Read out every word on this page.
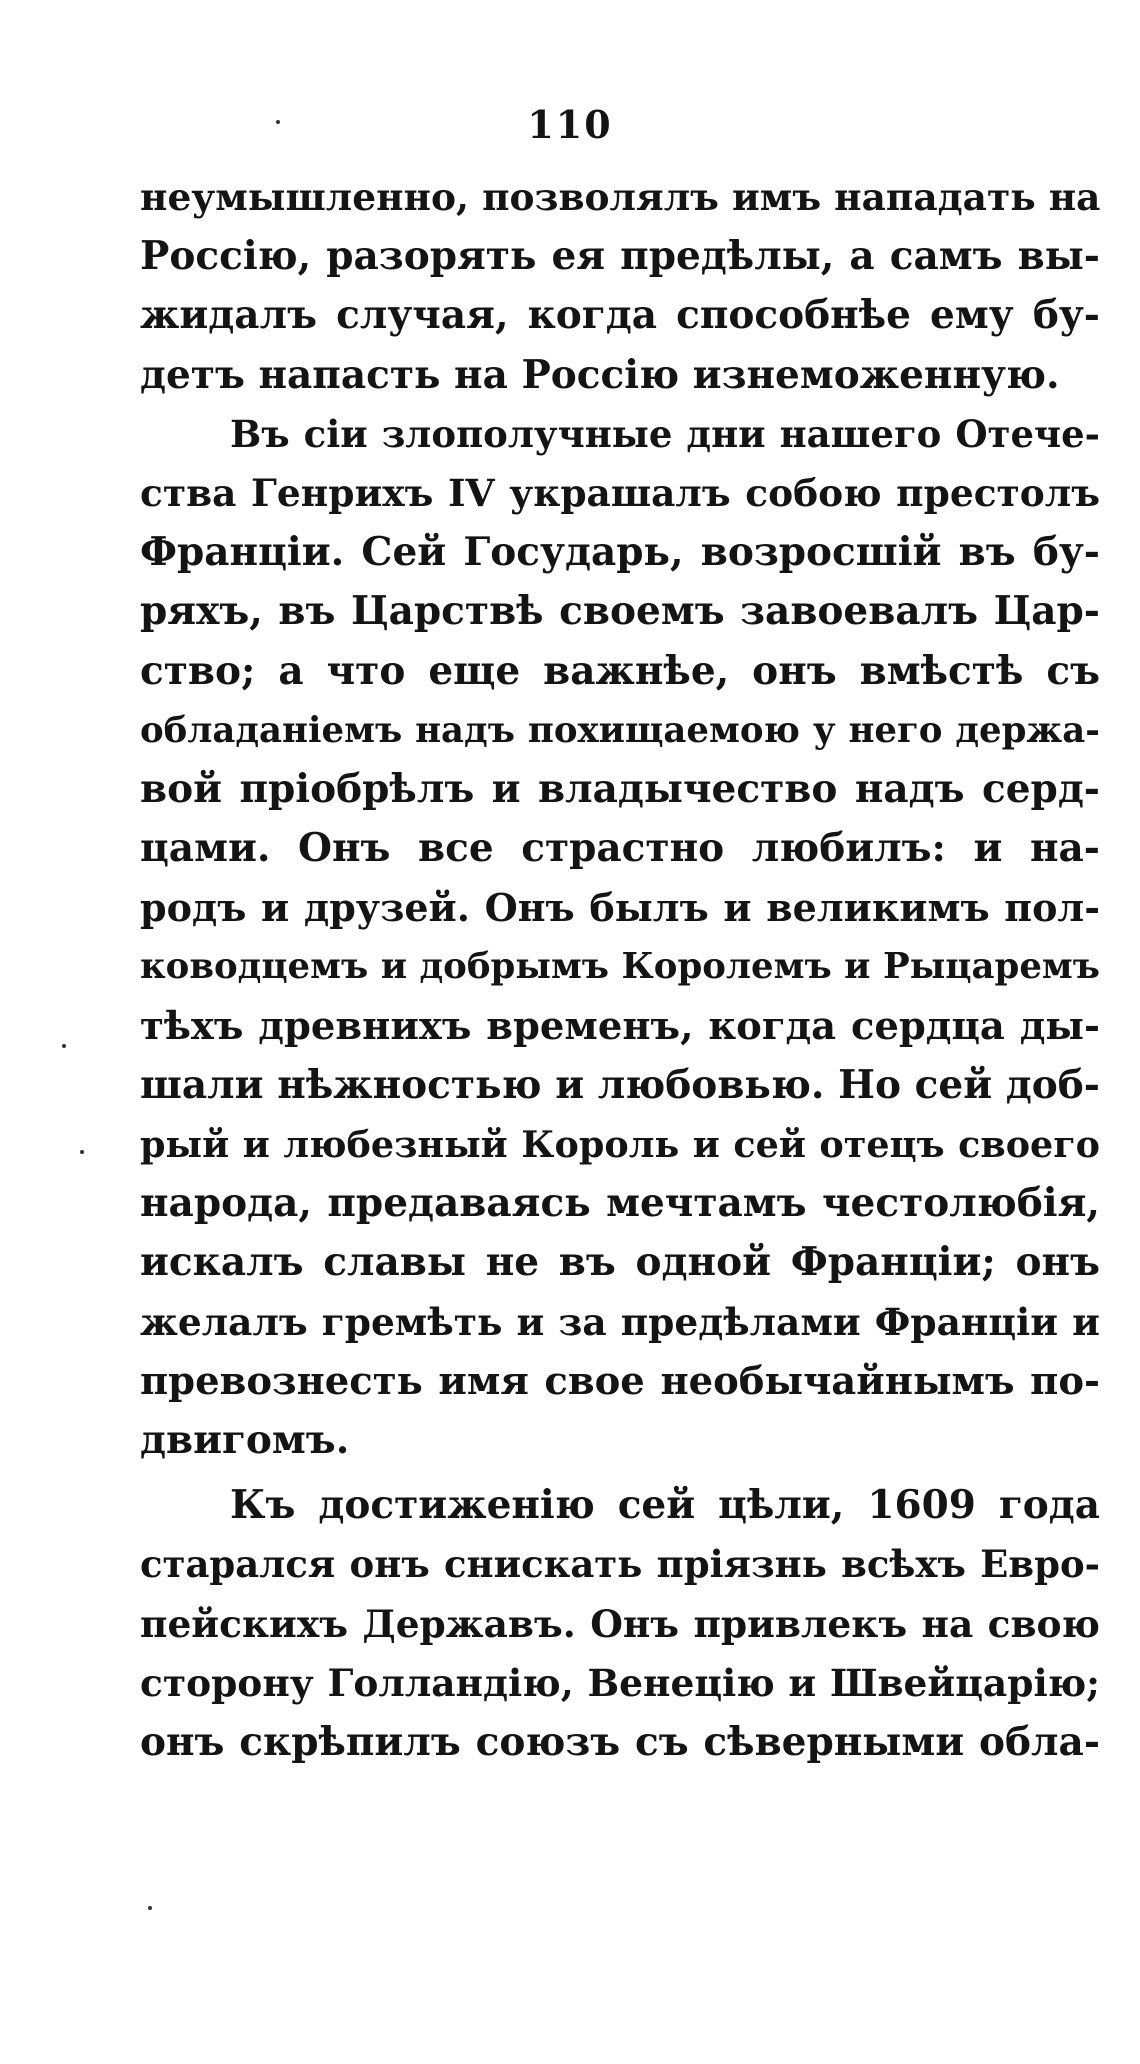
110
неумышленно, позволялъ имъ нападать на
Россію, разорять ея предѣлы, а самъ вы-
жидалъ случая, когда способнѣе ему бу-
детъ напасть на Россію изнеможенную.
Въ сіи злополучные дни нашего Отече-
ства Генрихъ IV украшалъ собою престолъ
Франціи. Сей Государь, возросшій въ бу-
ряхъ, въ Царствѣ своемъ завоевалъ Цар-
ство; а что еще важнѣе, онъ вмѣстѣ съ
обладаніемъ надъ похищаемою у него держа-
вой пріобрѣлъ и владычество надъ серд-
цами. Онъ все страстно любилъ: и на-
родъ и друзей. Онъ былъ и великимъ пол-
ководцемъ и добрымъ Королемъ и Рыцаремъ
тѣхъ древнихъ временъ, когда сердца ды-
шали нѣжностью и любовью. Но сей доб-
рый и любезный Король и сей отецъ своего
народа, предаваясь мечтамъ честолюбія,
искалъ славы не въ одной Франціи; онъ
желалъ гремѣть и за предѣлами Франціи и
превознесть имя свое необычайнымъ по-
двигомъ.
Къ достиженію сей цѣли, 1609 года
старался онъ снискать пріязнь всѣхъ Евро-
пейскихъ Державъ. Онъ привлекъ на свою
сторону Голландію, Венецію и Швейцарію;
онъ скрѣпилъ союзъ съ сѣверными обла-
